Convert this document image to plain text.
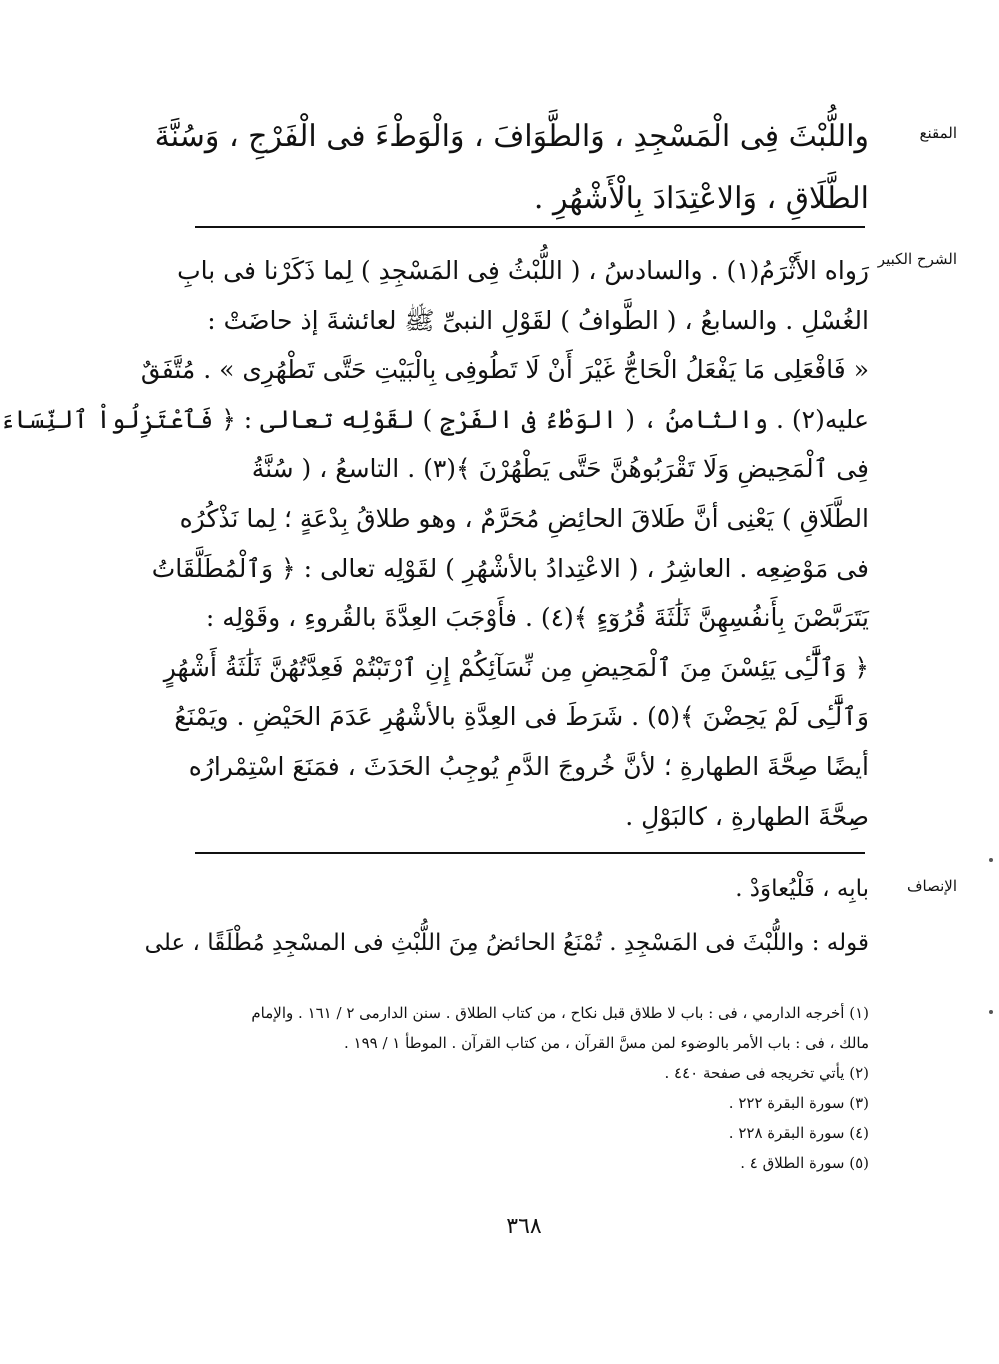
المقنع
الشرح الكبير
الإنصاف
واللُّبْثَ فِى الْمَسْجِدِ ، وَالطَّوَافَ ، وَالْوَطْءَ فى الْفَرْجِ ، وَسُنَّةَ
الطَّلَاقِ ، وَالاعْتِدَادَ بِالْأَشْهُرِ .
رَواه الأَثْرَمُ(١) . والسادسُ ، ( اللُّبْثُ فِى المَسْجِدِ ) لِما ذَكَرْنا فى بابِ
الغُسْلِ . والسابعُ ، ( الطَّوافُ ) لقَوْلِ النبىِّ ﷺ لعائشةَ إذ حاضَتْ :
« فَافْعَلِى مَا يَفْعَلُ الْحَاجُّ غَيْرَ أَنْ لَا تَطُوفِى بِالْبَيْتِ حَتَّى تَطْهُرِى » . مُتَّفَقٌ
عليه(٢) . والثامنُ ، ( الوَطْءُ فى الفَرْجِ ) لقَوْلِه تعالى : ﴿ فَٱعْتَزِلُواْ ٱلنِّسَاءَ
فِى ٱلْمَحِيضِ وَلَا تَقْرَبُوهُنَّ حَتَّى يَطْهُرْنَ ﴾(٣) . التاسعُ ، ( سُنَّةُ
الطَّلَاقِ ) يَعْنِى أنَّ طَلاقَ الحائِضِ مُحَرَّمٌ ، وهو طلاقُ بِدْعَةٍ ؛ لِما نَذْكُرُه
فى مَوْضِعِه . العاشِرُ ، ( الاعْتِدادُ بالأشْهُرِ ) لقَوْلِه تعالى : ﴿ وَٱلْمُطَلَّقَاتُ
يَتَرَبَّصْنَ بِأَنفُسِهِنَّ ثَلَٰثَةَ قُرُوٓءٍ ﴾(٤) . فأَوْجَبَ العِدَّةَ بالقُروءِ ، وقَوْلِه :
﴿ وَٱلَّٰٓـِٔى يَئِسْنَ مِنَ ٱلْمَحِيضِ مِن نِّسَآئِكُمْ إِنِ ٱرْتَبْتُمْ فَعِدَّتُهُنَّ ثَلَٰثَةُ أَشْهُرٍ
وَٱلَّٰٓـِٔى لَمْ يَحِضْنَ ﴾(٥) . شَرَطَ فى العِدَّةِ بالأشْهُرِ عَدَمَ الحَيْضِ . ويَمْنَعُ
أيضًا صِحَّةَ الطهارةِ ؛ لأنَّ خُروجَ الدَّمِ يُوجِبُ الحَدَثَ ، فمَنَعَ اسْتِمْرارُه
صِحَّةَ الطهارةِ ، كالبَوْلِ .
بابِه ، فَلْيُعاوَدْ .
قوله : واللُّبْثَ فى المَسْجِدِ . تُمْنَعُ الحائضُ مِنَ اللُّبْثِ فى المسْجِدِ مُطْلَقًا ، على
(١) أخرجه الدارمي ، فى : باب لا طلاق قبل نكاح ، من كتاب الطلاق . سنن الدارمى ٢ / ١٦١ . والإمام
مالك ، فى : باب الأمر بالوضوء لمن مسَّ القرآن ، من كتاب القرآن . الموطأ ١ / ١٩٩ .
(٢) يأتي تخريجه فى صفحة ٤٤٠ .
(٣) سورة البقرة ٢٢٢ .
(٤) سورة البقرة ٢٢٨ .
(٥) سورة الطلاق ٤ .
٣٦٨
